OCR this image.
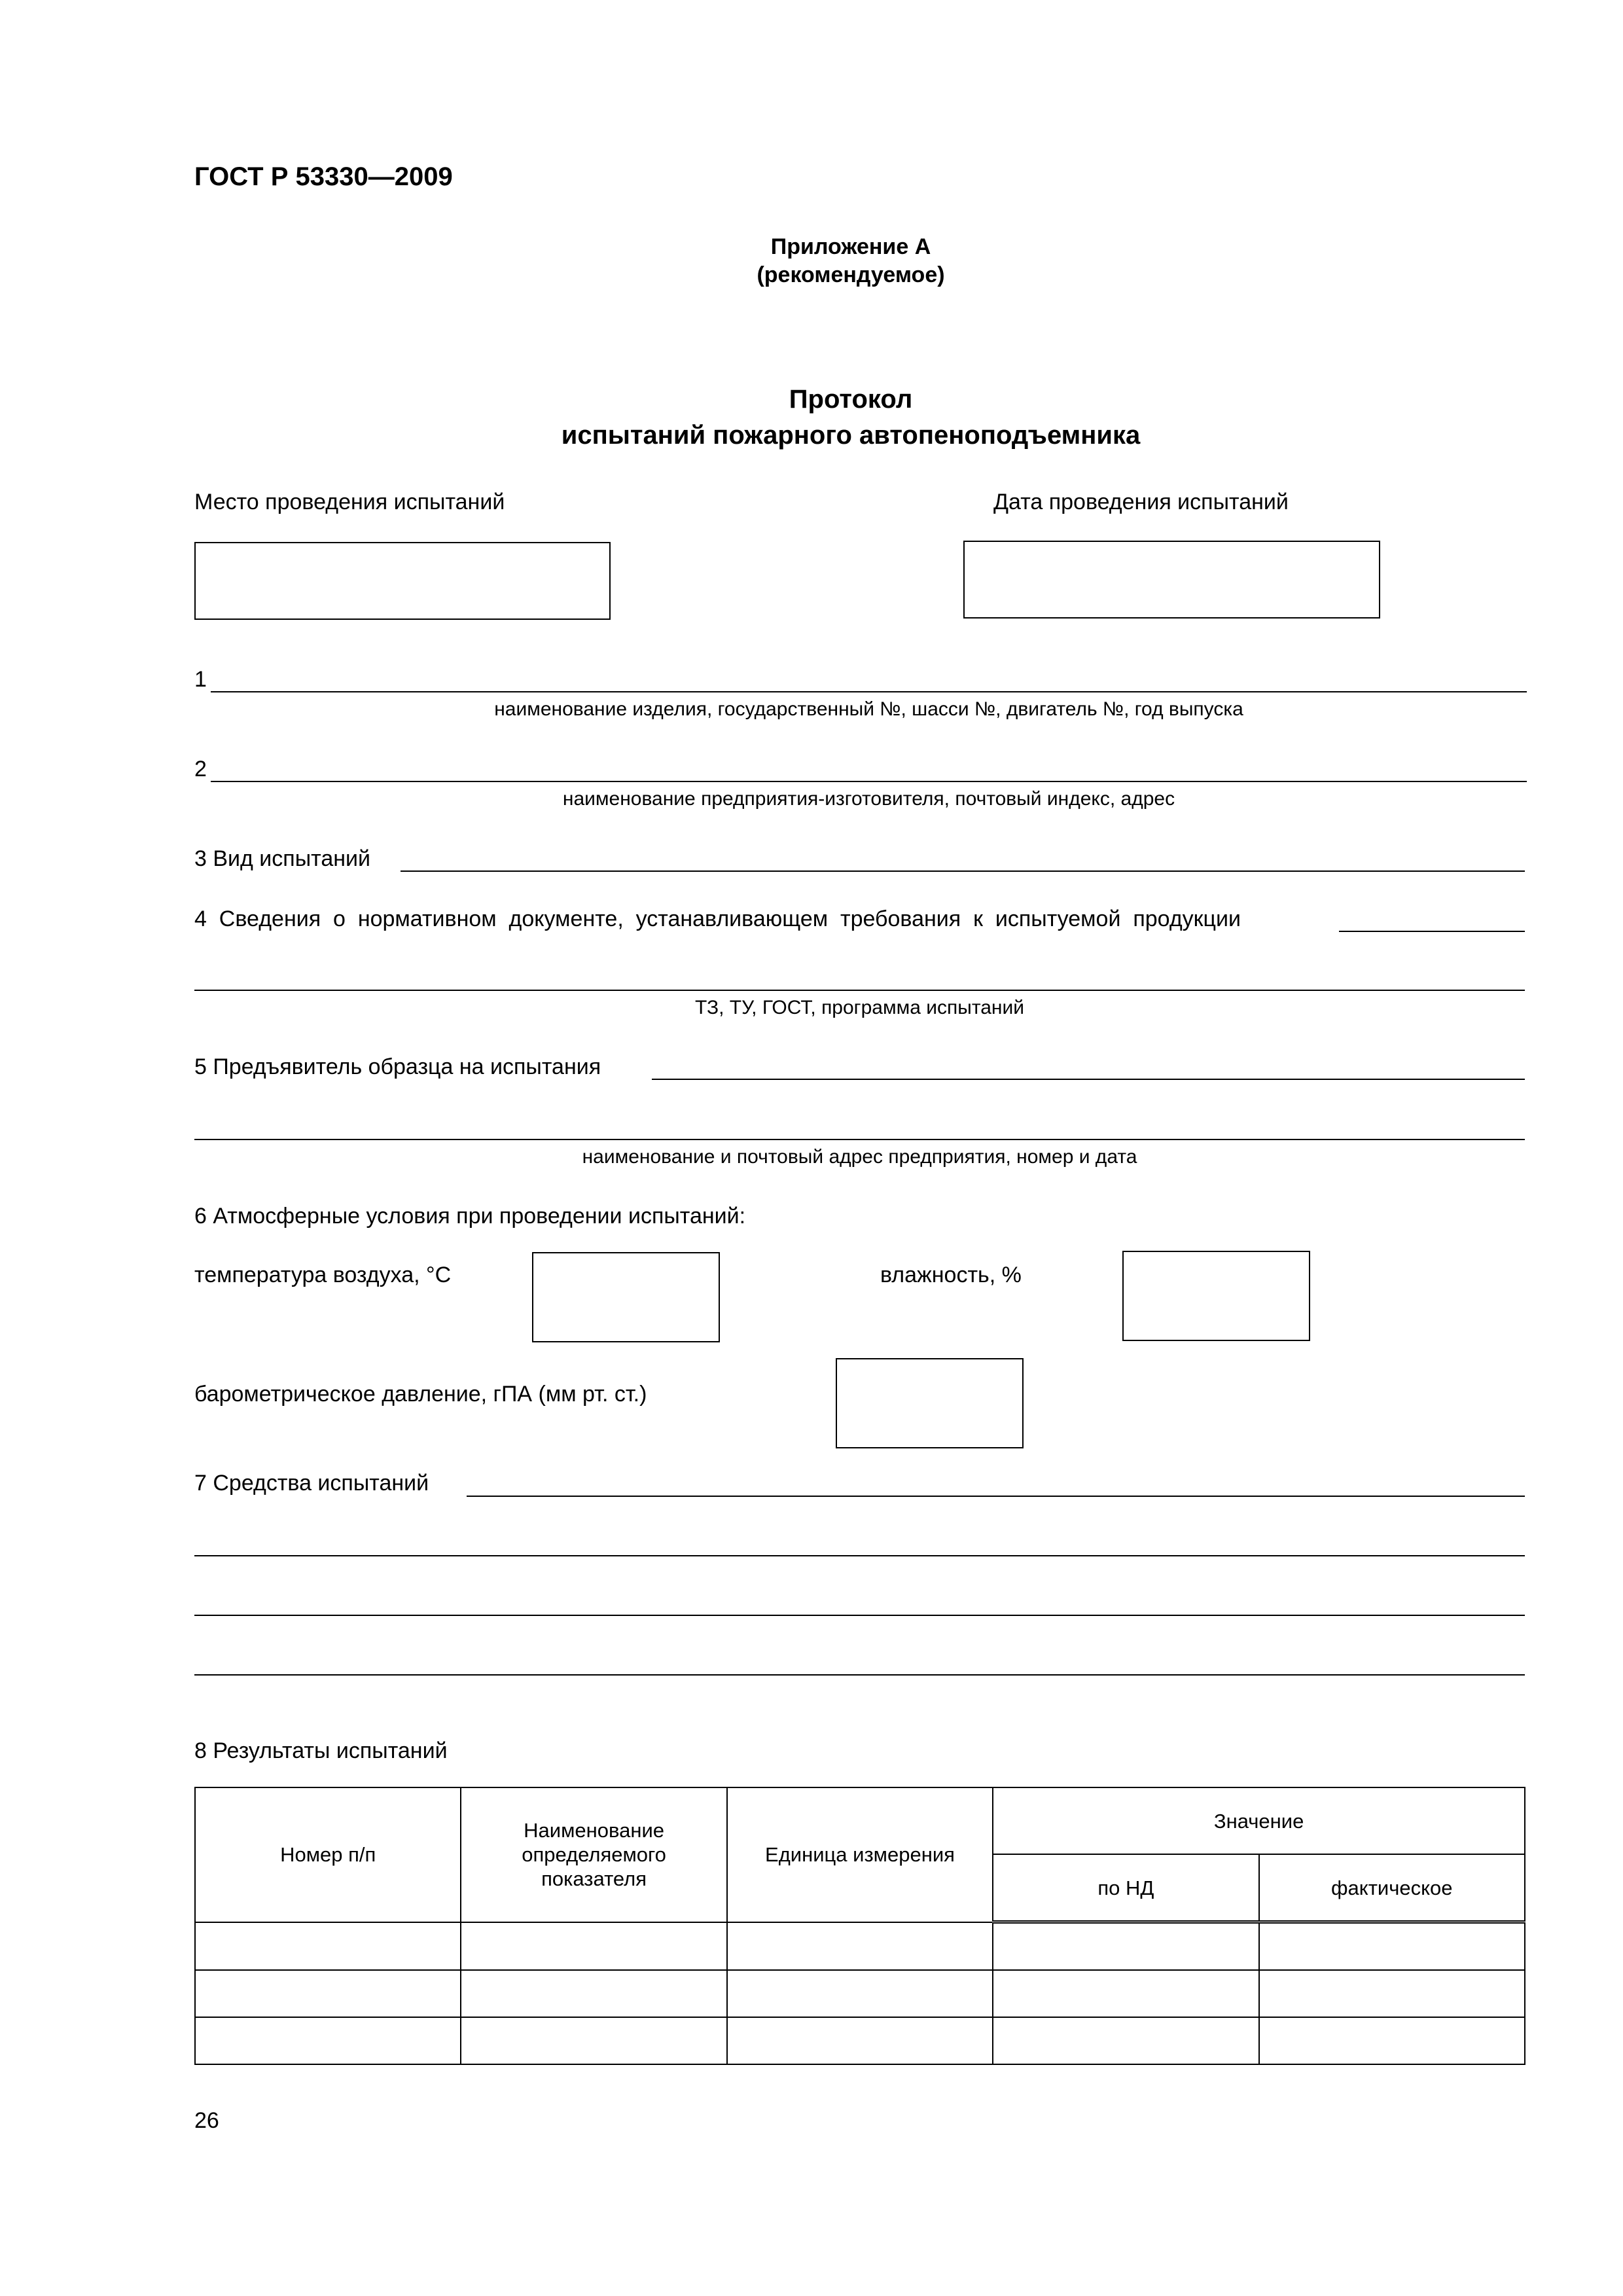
ГОСТ Р 53330—2009
Приложение А
(рекомендуемое)
Протокол
испытаний пожарного автопеноподъемника
Место проведения испытаний	Дата проведения испытаний
1
наименование изделия, государственный №, шасси №, двигатель №, год выпуска
2
наименование предприятия-изготовителя, почтовый индекс, адрес
3 Вид испытаний
4  Сведения  о  нормативном  документе,  устанавливающем  требования  к  испытуемой  продукции
ТЗ, ТУ, ГОСТ, программа испытаний
5 Предъявитель образца на испытания
наименование и почтовый адрес предприятия, номер и дата
6 Атмосферные условия при проведении испытаний:
температура воздуха, °С	влажность, %
барометрическое давление, гПА (мм рт. ст.)
7 Средства испытаний
8 Результаты испытаний
Номер п/п	Наименование определяемого показателя	Единица измерения	Значение	
			по НД	фактическое

26
